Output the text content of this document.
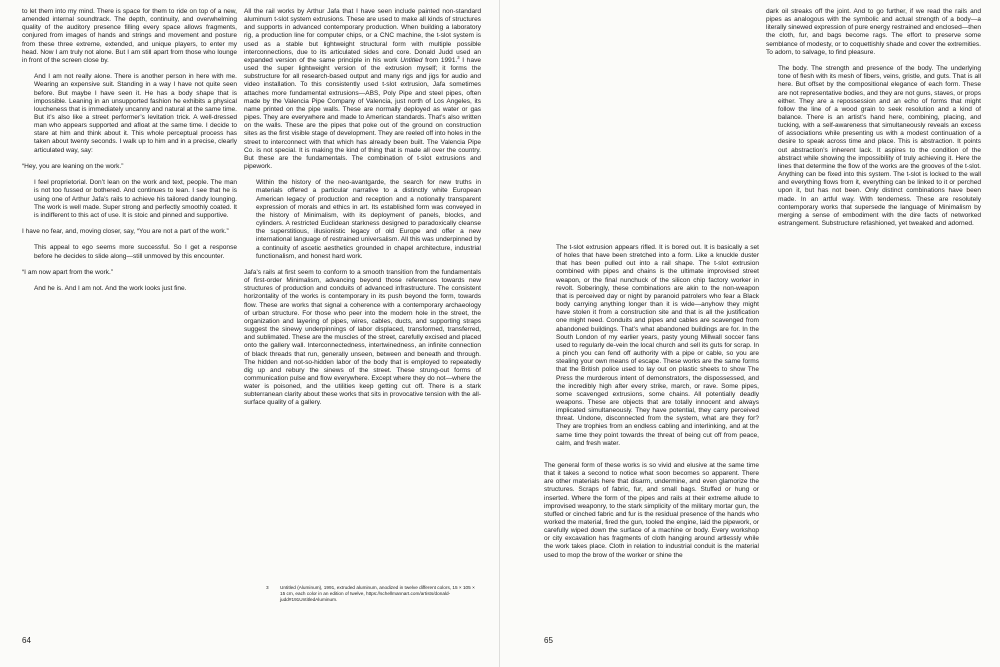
to let them into my mind. There is space for them to ride on top of a new, amended internal soundtrack. The depth, continuity, and overwhelming quality of the auditory presence filling every space allows fragments, conjured from images of hands and strings and movement and posture from these three extreme, extended, and unique players, to enter my head. Now I am truly not alone. But I am still apart from those who lounge in front of the screen close by.

And I am not really alone. There is another person in here with me. Wearing an expensive suit. Standing in a way I have not quite seen before. But maybe I have seen it. He has a body shape that is impossible. Leaning in an unsupported fashion he exhibits a physical loucheness that is immediately uncanny and natural at the same time. But it’s also like a street performer’s levitation trick. A well-dressed man who appears supported and afloat at the same time. I decide to stare at him and think about it. This whole perceptual process has taken about twenty seconds. I walk up to him and in a precise, clearly articulated way, say:

“Hey, you are leaning on the work.”

I feel proprietorial. Don’t lean on the work and text, people. The man is not too fussed or bothered. And continues to lean. I see that he is using one of Arthur Jafa’s rails to achieve his tailored dandy lounging. The work is well made. Super strong and perfectly smoothly coated. It is indifferent to this act of use. It is stoic and pinned and supportive.

I have no fear, and, moving closer, say, “You are not a part of the work.”

This appeal to ego seems more successful. So I get a response before he decides to slide along—still unmoved by this encounter.

“I am now apart from the work.”

And he is. And I am not. And the work looks just fine.

All the rail works by Arthur Jafa that I have seen include painted non-standard aluminum t-slot system extrusions. These are used to make all kinds of structures and supports in advanced contemporary production. When building a laboratory rig, a production line for computer chips, or a CNC machine, the t-slot system is used as a stable but lightweight structural form with multiple possible interconnections, due to its articulated sides and core. Donald Judd used an expanded version of the same principle in his work Untitled from 1991.$^3$ I have used the super lightweight version of the extrusion myself; it forms the substructure for all research-based output and many rigs and jigs for audio and video installation. To this consistently used t-slot extrusion, Jafa sometimes attaches more fundamental extrusions—ABS, Poly Pipe and steel pipes, often made by the Valencia Pipe Company of Valencia, just north of Los Angeles, its name printed on the pipe walls. These are normally deployed as water or gas pipes. They are everywhere and made to American standards. That’s also written on the walls. These are the pipes that poke out of the ground on construction sites as the first visible stage of development. They are reeled off into holes in the street to interconnect with that which has already been built. The Valencia Pipe Co. is not special. It is making the kind of thing that is made all over the country. But these are the fundamentals. The combination of t-slot extrusions and pipework.

Within the history of the neo-avantgarde, the search for new truths in materials offered a particular narrative to a distinctly white European American legacy of production and reception and a notionally transparent expression of morals and ethics in art. Its established form was conveyed in the history of Minimalism, with its deployment of panels, blocks, and cylinders. A restricted Euclidean starkness designed to paradoxically cleanse the superstitious, illusionistic legacy of old Europe and offer a new international language of restrained universalism. All this was underpinned by a continuity of ascetic aesthetics grounded in chapel architecture, industrial functionalism, and honest hard work.

Jafa’s rails at first seem to conform to a smooth transition from the fundamentals of first-order Minimalism, advancing beyond those references towards new structures of production and conduits of advanced infrastructure. The consistent horizontality of the works is contemporary in its push beyond the form, towards flow. These are works that signal a coherence with a contemporary archaeology of urban structure. For those who peer into the modern hole in the street, the organization and layering of pipes, wires, cables, ducts, and supporting straps suggest the sinewy underpinnings of labor displaced, transformed, transferred, and sublimated. These are the muscles of the street, carefully excised and placed onto the gallery wall. Interconnectedness, intertwinedness, an infinite connection of black threads that run, generally unseen, between and beneath and through. The hidden and not-so-hidden labor of the body that is employed to repeatedly dig up and rebury the sinews of the street. These strung-out forms of communication pulse and flow everywhere. Except where they do not—where the water is poisoned, and the utilities keep getting cut off. There is a stark subterranean clarity about these works that sits in provocative tension with the all-surface quality of a gallery.

3 Untitled (Aluminum), 1991, extruded aluminum, anodized in twelve different colors, 15 × 105 × 15 cm, each color in an edition of twelve, https://schellmannart.com/artists/donald-judd#191UntitledAluminum.
64

The t-slot extrusion appears rifled. It is bored out. It is basically a set of holes that have been stretched into a form. Like a knuckle duster that has been pulled out into a rail shape. The t-slot extrusion combined with pipes and chains is the ultimate improvised street weapon, or the final nunchuck of the silicon chip factory worker in revolt. Soberingly, these combinations are akin to the non-weapon that is perceived day or night by paranoid patrolers who fear a Black body carrying anything longer than it is wide—anyhow they might have stolen it from a construction site and that is all the justification one might need. Conduits and pipes and cables are scavenged from abandoned buildings. That’s what abandoned buildings are for. In the South London of my earlier years, pasty young Millwall soccer fans used to regularly de-vein the local church and sell its guts for scrap. In a pinch you can fend off authority with a pipe or cable, so you are stealing your own means of escape. These works are the same forms that the British police used to lay out on plastic sheets to show The Press the murderous intent of demonstrators, the dispossessed, and the incredibly high after every strike, march, or rave. Some pipes, some scavenged extrusions, some chains. All potentially deadly weapons. These are objects that are totally innocent and always implicated simultaneously. They have potential, they carry perceived threat. Undone, disconnected from the system, what are they for? They are trophies from an endless cabling and interlinking, and at the same time they point towards the threat of being cut off from peace, calm, and fresh water.

The general form of these works is so vivid and elusive at the same time that it takes a second to notice what soon becomes so apparent. There are other materials here that disarm, undermine, and even glamorize the structures. Scraps of fabric, fur, and small bags. Stuffed or hung or inserted. Where the form of the pipes and rails at their extreme allude to improvised weaponry, to the stark simplicity of the military mortar gun, the stuffed or cinched fabric and fur is the residual presence of the hands who worked the material, fired the gun, tooled the engine, laid the pipework, or carefully wiped down the surface of a machine or body. Every workshop or city excavation has fragments of cloth hanging around artlessly while the work takes place. Cloth in relation to industrial conduit is the material used to mop the brow of the worker or shine the

dark oil streaks off the joint. And to go further, if we read the rails and pipes as analogous with the symbolic and actual strength of a body—a literally sinewed expression of pure energy restrained and enclosed—then the cloth, fur, and bags become rags. The effort to preserve some semblance of modesty, or to coquettishly shade and cover the extremities. To adorn, to salvage, to find pleasure.

The body. The strength and presence of the body. The underlying tone of flesh with its mesh of fibers, veins, gristle, and guts. That is all here. But offset by the compositional elegance of each form. These are not representative bodies, and they are not guns, staves, or props either. They are a repossession and an echo of forms that might follow the line of a wood grain to seek resolution and a kind of balance. There is an artist’s hand here, combining, placing, and tucking, with a self-awareness that simultaneously reveals an excess of associations while presenting us with a modest continuation of a desire to speak across time and place. This is abstraction. It points out abstraction’s inherent lack. It aspires to the condition of the abstract while showing the impossibility of truly achieving it. Here the lines that determine the flow of the works are the grooves of the t-slot. Anything can be fixed into this system. The t-slot is locked to the wall and everything flows from it, everything can be linked to it or perched upon it, but has not been. Only distinct combinations have been made. In an artful way. With tenderness. These are resolutely contemporary works that supersede the language of Minimalism by merging a sense of embodiment with the dire facts of networked estrangement. Substructure refashioned, yet tweaked and adorned.

65
